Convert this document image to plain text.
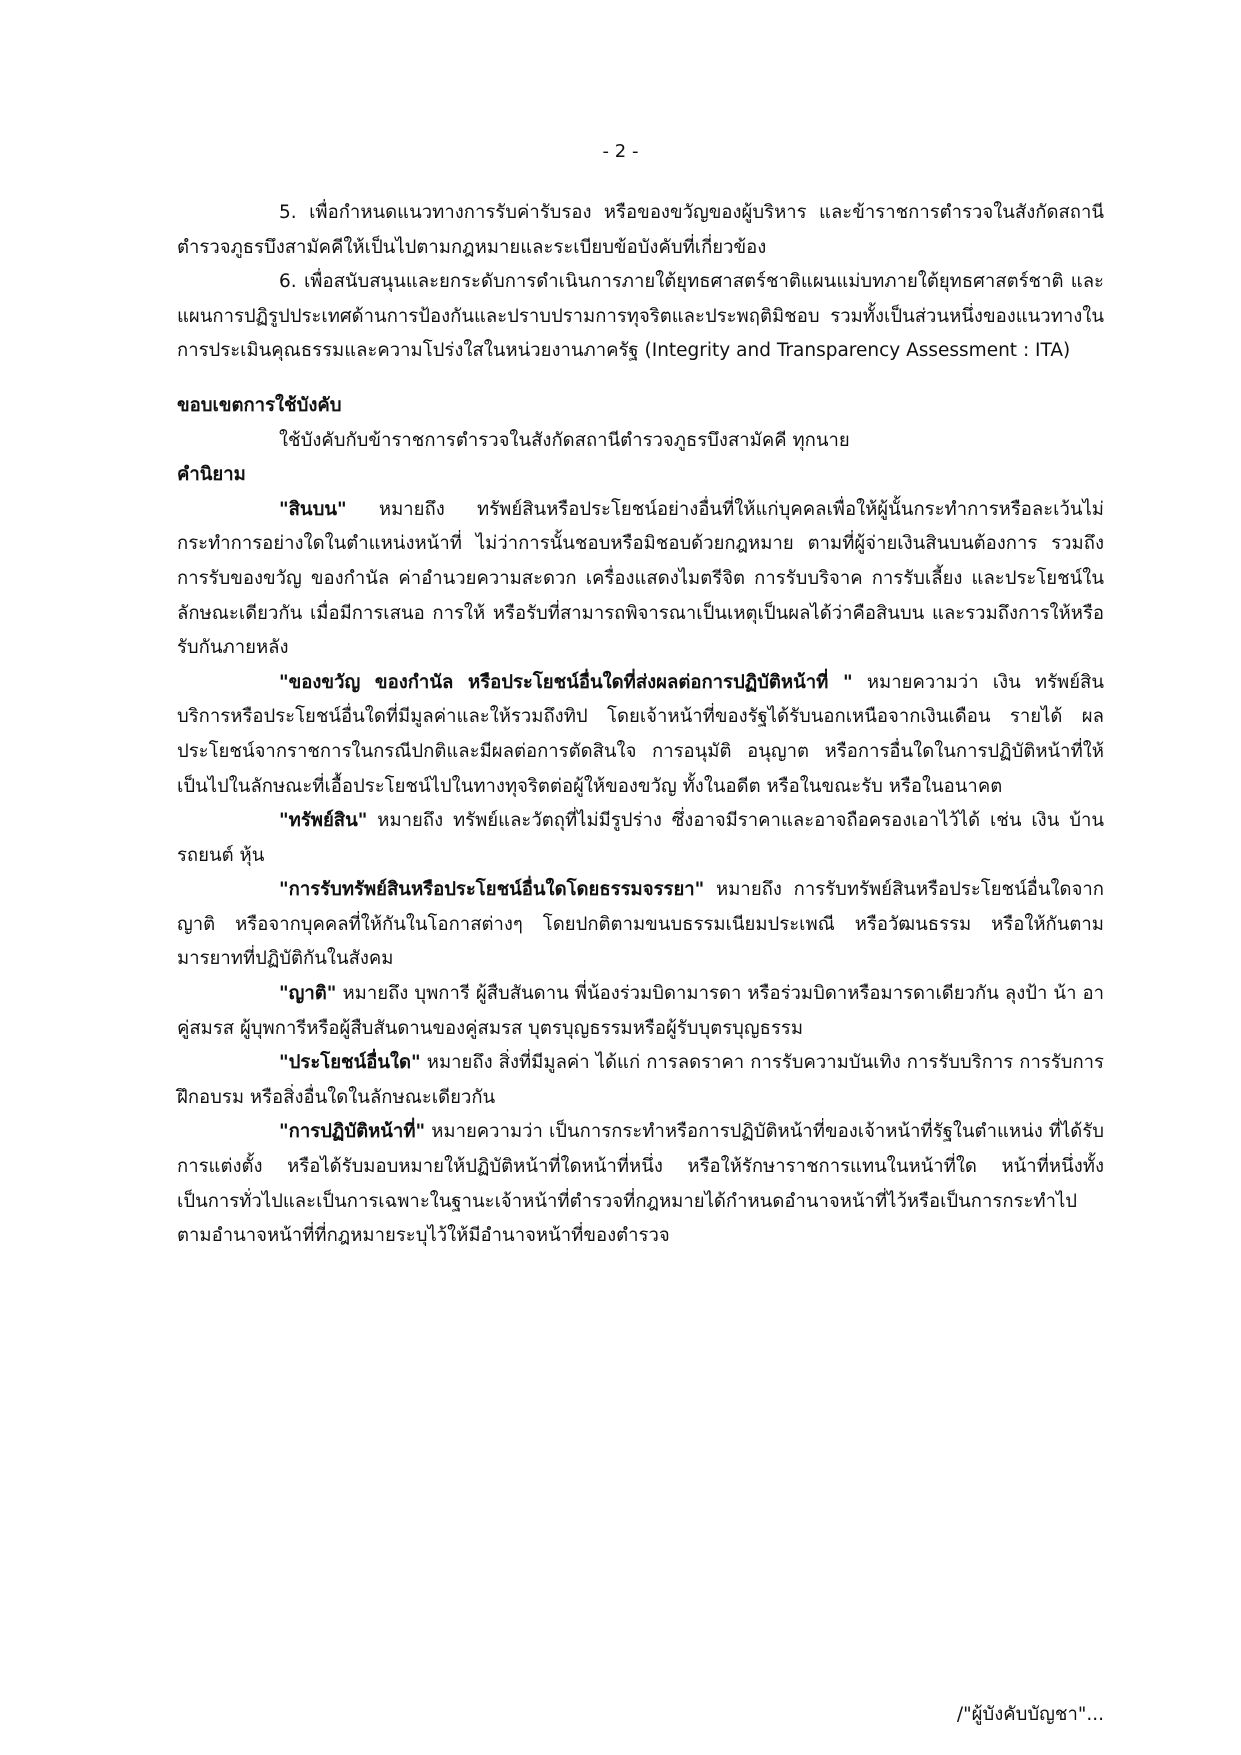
- 2 -

5. เพื่อกำหนดแนวทางการรับค่ารับรอง หรือของขวัญของผู้บริหาร และข้าราชการตำรวจในสังกัดสถานีตำรวจภูธรบึงสามัคคีให้เป็นไปตามกฎหมายและระเบียบข้อบังคับที่เกี่ยวข้อง

6. เพื่อสนับสนุนและยกระดับการดำเนินการภายใต้ยุทธศาสตร์ชาติแผนแม่บทภายใต้ยุทธศาสตร์ชาติ และแผนการปฏิรูปประเทศด้านการป้องกันและปราบปรามการทุจริตและประพฤติมิชอบ รวมทั้งเป็นส่วนหนึ่งของแนวทางในการประเมินคุณธรรมและความโปร่งใสในหน่วยงานภาครัฐ (Integrity and Transparency Assessment : ITA)

ขอบเขตการใช้บังคับ

ใช้บังคับกับข้าราชการตำรวจในสังกัดสถานีตำรวจภูธรบึงสามัคคี ทุกนาย

คำนิยาม

"สินบน" หมายถึง ทรัพย์สินหรือประโยชน์อย่างอื่นที่ให้แก่บุคคลเพื่อให้ผู้นั้นกระทำการหรือละเว้นไม่กระทำการอย่างใดในตำแหน่งหน้าที่ ไม่ว่าการนั้นชอบหรือมิชอบด้วยกฎหมาย ตามที่ผู้จ่ายเงินสินบนต้องการ รวมถึงการรับของขวัญ ของกำนัล ค่าอำนวยความสะดวก เครื่องแสดงไมตรีจิต การรับบริจาค การรับเลี้ยง และประโยชน์ในลักษณะเดียวกัน เมื่อมีการเสนอ การให้ หรือรับที่สามารถพิจารณาเป็นเหตุเป็นผลได้ว่าคือสินบน และรวมถึงการให้หรือรับกันภายหลัง

"ของขวัญ ของกำนัล หรือประโยชน์อื่นใดที่ส่งผลต่อการปฏิบัติหน้าที่ " หมายความว่า เงิน ทรัพย์สิน บริการหรือประโยชน์อื่นใดที่มีมูลค่าและให้รวมถึงทิป โดยเจ้าหน้าที่ของรัฐได้รับนอกเหนือจากเงินเดือน รายได้ ผลประโยชน์จากราชการในกรณีปกติและมีผลต่อการตัดสินใจ การอนุมัติ อนุญาต หรือการอื่นใดในการปฏิบัติหน้าที่ให้เป็นไปในลักษณะที่เอื้อประโยชน์ไปในทางทุจริตต่อผู้ให้ของขวัญ ทั้งในอดีต หรือในขณะรับ หรือในอนาคต

"ทรัพย์สิน" หมายถึง ทรัพย์และวัตถุที่ไม่มีรูปร่าง ซึ่งอาจมีราคาและอาจถือครองเอาไว้ได้ เช่น เงิน บ้าน รถยนต์ หุ้น

"การรับทรัพย์สินหรือประโยชน์อื่นใดโดยธรรมจรรยา" หมายถึง การรับทรัพย์สินหรือประโยชน์อื่นใดจากญาติ หรือจากบุคคลที่ให้กันในโอกาสต่างๆ โดยปกติตามขนบธรรมเนียมประเพณี หรือวัฒนธรรม หรือให้กันตามมารยาทที่ปฏิบัติกันในสังคม

"ญาติ" หมายถึง บุพการี ผู้สืบสันดาน พี่น้องร่วมบิดามารดา หรือร่วมบิดาหรือมารดาเดียวกัน ลุงป้า น้า อา คู่สมรส ผู้บุพการีหรือผู้สืบสันดานของคู่สมรส บุตรบุญธรรมหรือผู้รับบุตรบุญธรรม

"ประโยชน์อื่นใด" หมายถึง สิ่งที่มีมูลค่า ได้แก่ การลดราคา การรับความบันเทิง การรับบริการ การรับการฝึกอบรม หรือสิ่งอื่นใดในลักษณะเดียวกัน

"การปฏิบัติหน้าที่" หมายความว่า เป็นการกระทำหรือการปฏิบัติหน้าที่ของเจ้าหน้าที่รัฐในตำแหน่ง ที่ได้รับการแต่งตั้ง หรือได้รับมอบหมายให้ปฏิบัติหน้าที่ใดหน้าที่หนึ่ง หรือให้รักษาราชการแทนในหน้าที่ใด หน้าที่หนึ่งทั้งเป็นการทั่วไปและเป็นการเฉพาะในฐานะเจ้าหน้าที่ตำรวจที่กฎหมายได้กำหนดอำนาจหน้าที่ไว้หรือเป็นการกระทำไปตามอำนาจหน้าที่ที่กฎหมายระบุไว้ให้มีอำนาจหน้าที่ของตำรวจ

/"ผู้บังคับบัญชา"...
